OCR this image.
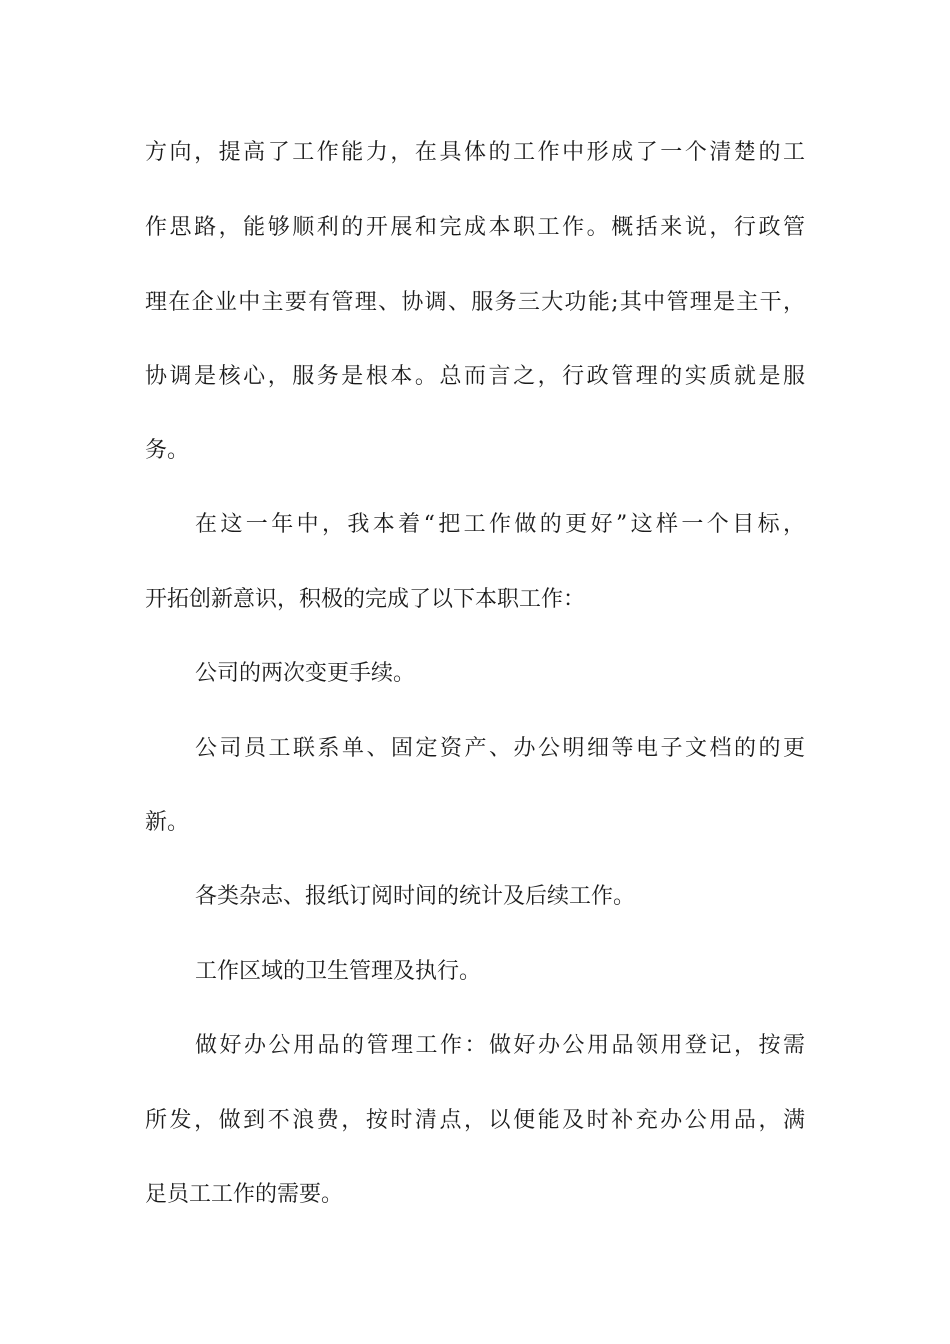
方向，提高了工作能力，在具体的工作中形成了一个清楚的工
作思路，能够顺利的开展和完成本职工作。概括来说，行政管
理在企业中主要有管理、协调、服务三大功能;其中管理是主干，
协调是核心，服务是根本。总而言之，行政管理的实质就是服
务。
在这一年中，我本着“把工作做的更好”这样一个目标，
开拓创新意识，积极的完成了以下本职工作：
公司的两次变更手续。
公司员工联系单、固定资产、办公明细等电子文档的的更
新。
各类杂志、报纸订阅时间的统计及后续工作。
工作区域的卫生管理及执行。
做好办公用品的管理工作：做好办公用品领用登记，按需
所发，做到不浪费，按时清点，以便能及时补充办公用品，满
足员工工作的需要。
